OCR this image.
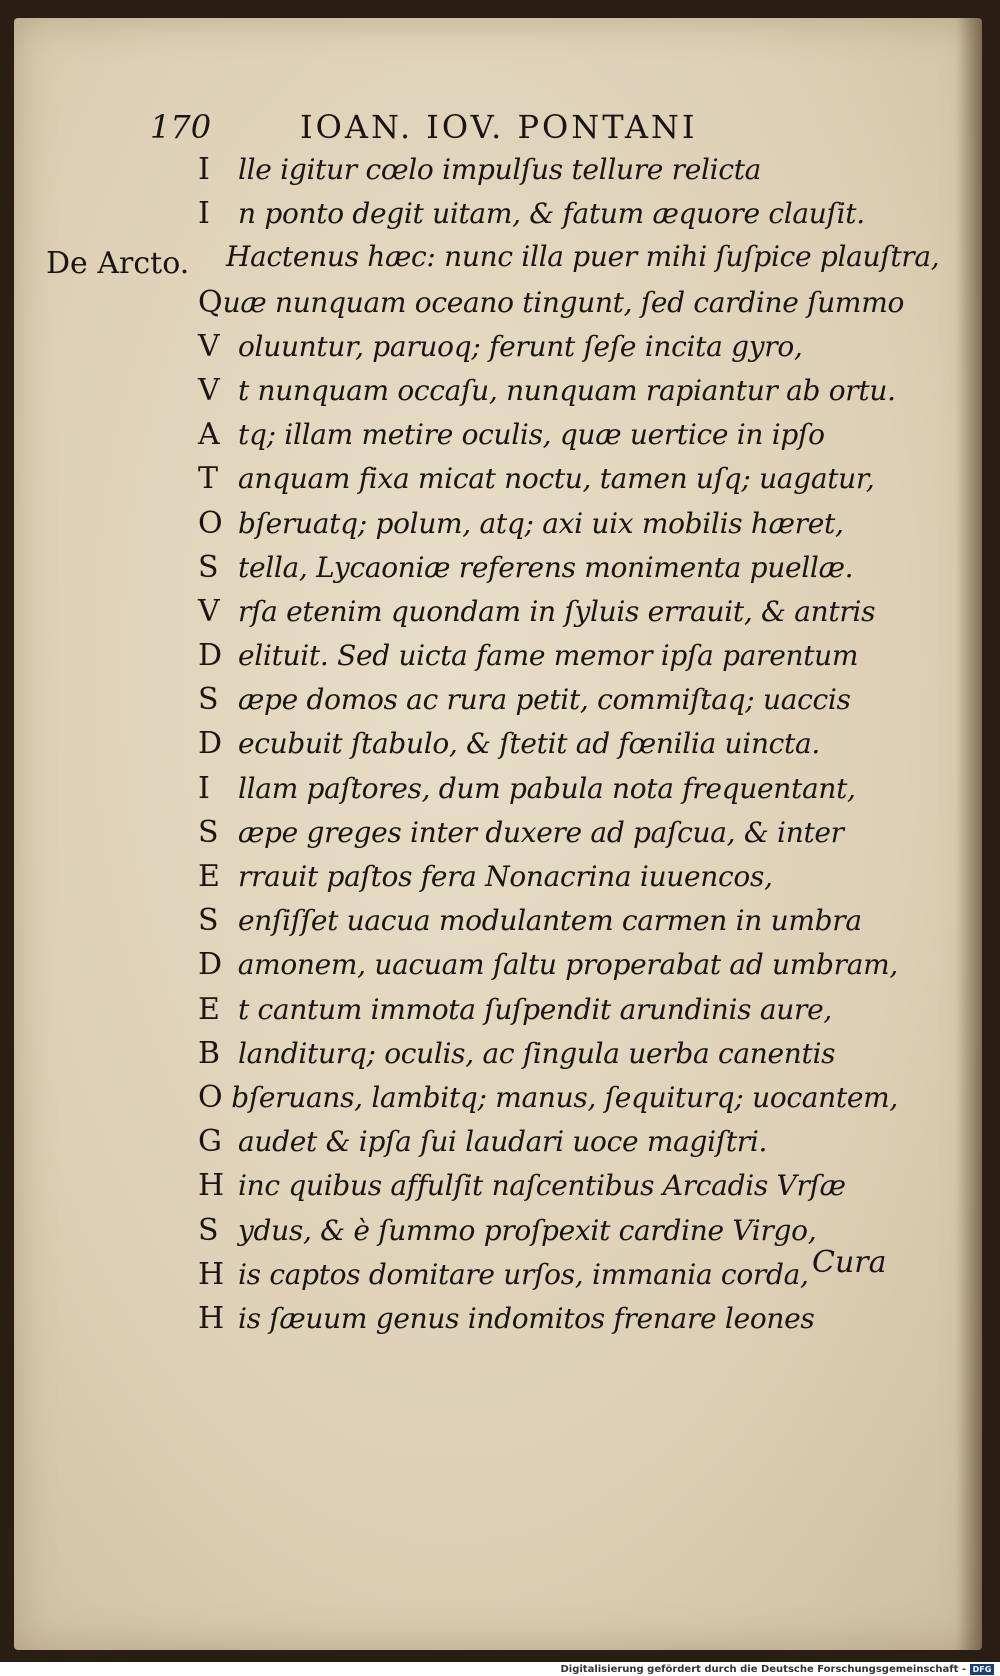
170	IOAN. IOV. PONTANI
De Arcto.
I	lle igitur cœlo impulſus tellure relicta
I	n ponto degit uitam, & fatum æquore clauſit.
Hactenus hæc: nunc illa puer mihi ſuſpice plauſtra,
Q uæ nunquam oceano tingunt, ſed cardine ſummo
V oluuntur, paruoq; ferunt ſeſe incita gyro,
V t nunquam occaſu, nunquam rapiantur ab ortu.
A tq; illam metire oculis, quæ uertice in ipſo
T anquam fixa micat noctu, tamen uſq; uagatur,
O bſeruatq; polum, atq; axi uix mobilis hæret,
S tella, Lycaoniæ referens monimenta puellæ.
V rſa etenim quondam in ſyluis errauit, & antris
D elituit. Sed uicta fame memor ipſa parentum
S æpe domos ac rura petit, commiſtaq; uaccis
D ecubuit ſtabulo, & ſtetit ad fœnilia uincta.
I	llam paſtores, dum pabula nota frequentant,
S æpe greges inter duxere ad paſcua, & inter
E rrauit paſtos fera Nonacrina iuuencos,
S enſiſſet uacua modulantem carmen in umbra
D amonem, uacuam ſaltu properabat ad umbram,
E t cantum immota ſuſpendit arundinis aure,
B landiturq; oculis, ac ſingula uerba canentis
O bſeruans, lambitq; manus, ſequiturq; uocantem,
G audet & ipſa ſui laudari uoce magiſtri.
H inc quibus affulſit naſcentibus Arcadis Vrſæ
S ydus, & è ſummo proſpexit cardine Virgo,
H is captos domitare urſos, immania corda,
H is ſæuum genus indomitos frenare leones
Cura
Digitalisierung gefördert durch die Deutsche Forschungsgemeinschaft - DFG
